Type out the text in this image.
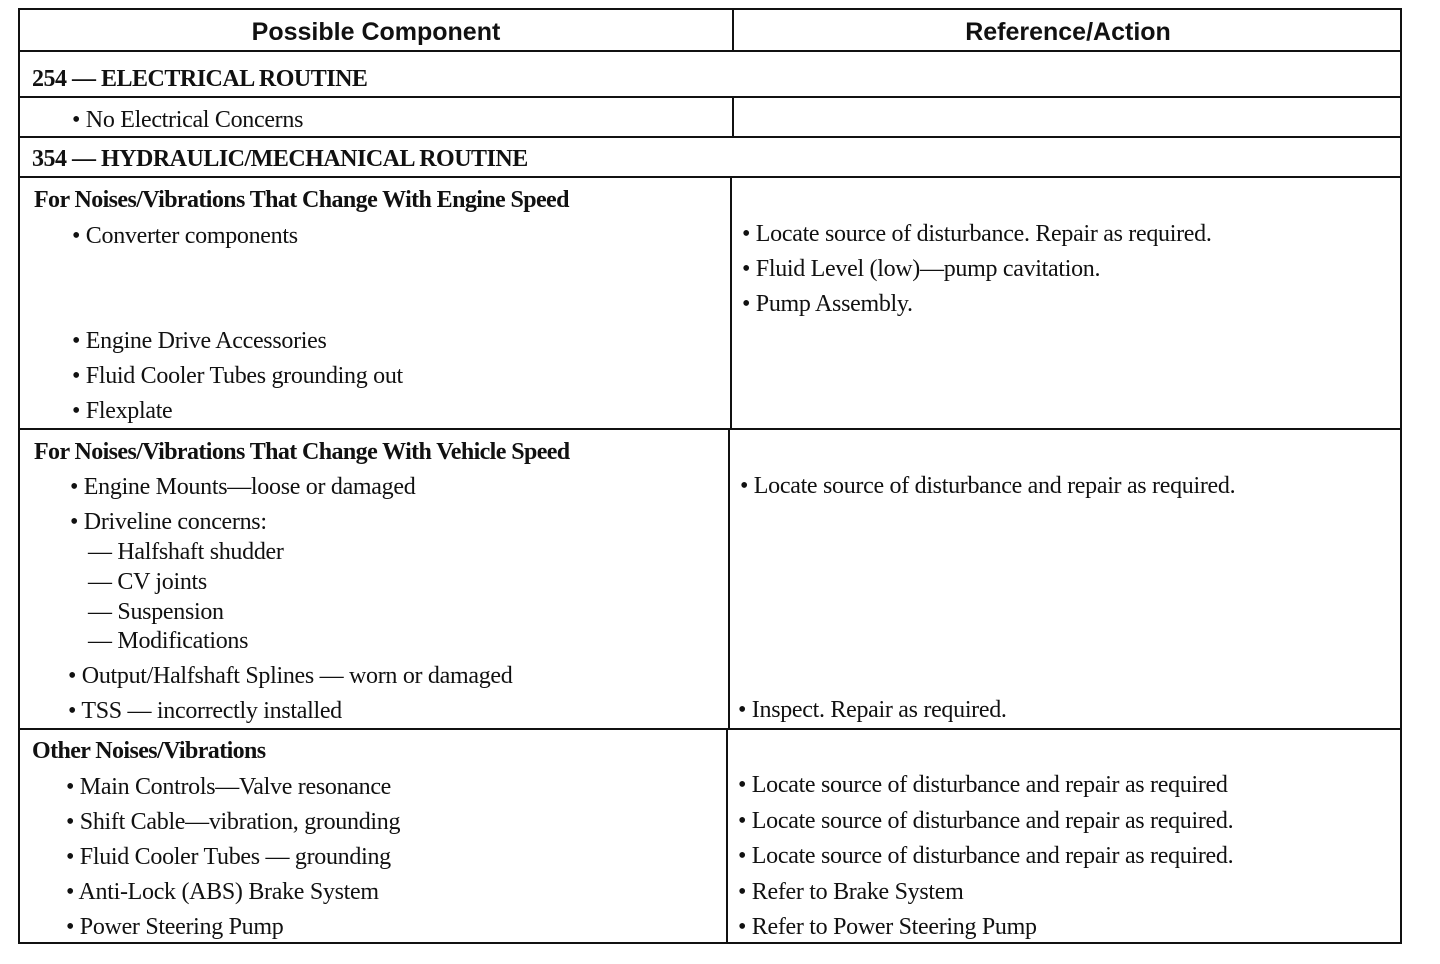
Possible Component	Reference/Action
254 — ELECTRICAL ROUTINE
• No Electrical Concerns
354 — HYDRAULIC/MECHANICAL ROUTINE
For Noises/Vibrations That Change With Engine Speed
• Converter components
• Engine Drive Accessories
• Fluid Cooler Tubes grounding out
• Flexplate
• Locate source of disturbance. Repair as required.
• Fluid Level (low)—pump cavitation.
• Pump Assembly.
For Noises/Vibrations That Change With Vehicle Speed
• Engine Mounts—loose or damaged
• Driveline concerns:
— Halfshaft shudder
— CV joints
— Suspension
— Modifications
• Output/Halfshaft Splines — worn or damaged
• TSS — incorrectly installed
• Locate source of disturbance and repair as required.
• Inspect. Repair as required.
Other Noises/Vibrations
• Main Controls—Valve resonance
• Shift Cable—vibration, grounding
• Fluid Cooler Tubes — grounding
• Anti-Lock (ABS) Brake System
• Power Steering Pump
• Locate source of disturbance and repair as required
• Locate source of disturbance and repair as required.
• Locate source of disturbance and repair as required.
• Refer to Brake System
• Refer to Power Steering Pump
